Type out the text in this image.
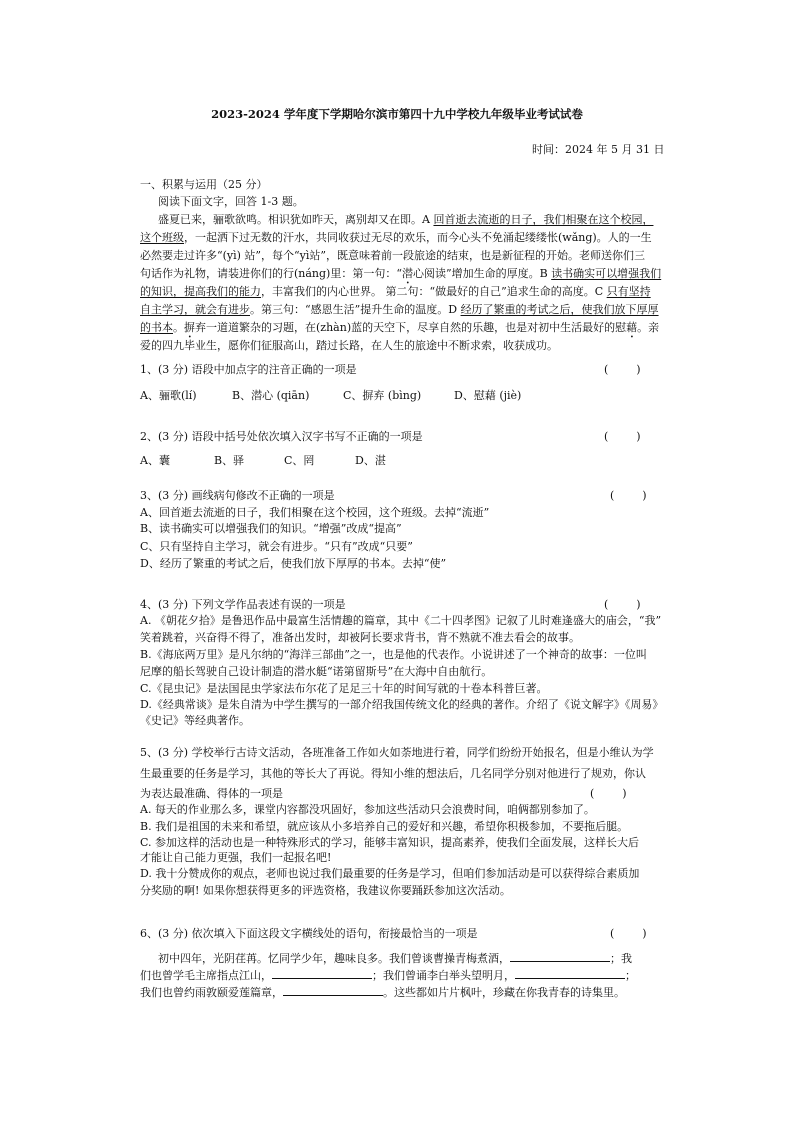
2023-2024 学年度下学期哈尔滨市第四十九中学校九年级毕业考试试卷
时间：2024 年 5 月 31 日
一、积累与运用（25 分）
阅读下面文字，回答 1-3 题。
盛夏已来，骊歌欲鸣。相识犹如昨天，离别却又在即。A 回首逝去流逝的日子，我们相聚在这个校园，
这个班级，一起洒下过无数的汗水，共同收获过无尽的欢乐，而今心头不免涌起缕缕怅(wǎng)。人的一生
必然要走过许多“(yì) 站”，每个“yì站”，既意味着前一段旅途的结束，也是新征程的开始。老师送你们三
句话作为礼物，请装进你们的行(náng)里：第一句：“潜心阅读”增加生命的厚度。B 读书确实可以增强我们
的知识，提高我们的能力，丰富我们的内心世界。 第二句：“做最好的自己”追求生命的高度。C 只有坚持
自主学习，就会有进步。第三句：“感恩生活”提升生命的温度。D 经历了繁重的考试之后，使我们放下厚厚
的书本。摒弃一道道繁杂的习题，在(zhàn)蓝的天空下，尽享自然的乐趣，也是对初中生活最好的慰藉。亲
爱的四九毕业生，愿你们征服高山，踏过长路，在人生的旅途中不断求索，收获成功。
1、(3 分) 语段中加点字的注音正确的一项是	(        )
A、骊歌(lí)	B、潜心 (qiān)	C、摒弃 (bìng)	D、慰藉 (jiè)
2、(3 分) 语段中括号处依次填入汉字书写不正确的一项是	(        )
A、囊	B、驿	C、罔	D、湛
3、(3 分) 画线病句修改不正确的一项是	(        )
A、回首逝去流逝的日子，我们相聚在这个校园，这个班级。去掉“流逝”
B、读书确实可以增强我们的知识。“增强”改成“提高”
C、只有坚持自主学习，就会有进步。“只有”改成“只要”
D、经历了繁重的考试之后，使我们放下厚厚的书本。去掉“使”
4、(3 分) 下列文学作品表述有误的一项是	(        )
A. 《朝花夕拾》是鲁迅作品中最富生活情趣的篇章，其中《二十四孝图》记叙了儿时难逢盛大的庙会，“我”
笑着跳着，兴奋得不得了，准备出发时，却被阿长要求背书，背不熟就不准去看会的故事。
B.《海底两万里》是凡尔纳的“海洋三部曲”之一，也是他的代表作。小说讲述了一个神奇的故事：一位叫
尼摩的船长驾驶自己设计制造的潜水艇“诺第留斯号”在大海中自由航行。
C.《昆虫记》是法国昆虫学家法布尔花了足足三十年的时间写就的十卷本科普巨著。
D.《经典常谈》是朱自清为中学生撰写的一部介绍我国传统文化的经典的著作。介绍了《说文解字》《周易》
《史记》等经典著作。
5、(3 分) 学校举行古诗文活动，各班准备工作如火如荼地进行着，同学们纷纷开始报名，但是小维认为学
生最重要的任务是学习，其他的等长大了再说。得知小维的想法后，几名同学分别对他进行了规劝，你认
为表达最准确、得体的一项是	(        )
A. 每天的作业那么多，课堂内容都没巩固好，参加这些活动只会浪费时间，咱俩都别参加了。
B. 我们是祖国的未来和希望，就应该从小多培养自己的爱好和兴趣，希望你积极参加，不要拖后腿。
C. 参加这样的活动也是一种特殊形式的学习，能够丰富知识，提高素养，使我们全面发展，这样长大后
才能让自己能力更强，我们一起报名吧!
D. 我十分赞成你的观点，老师也说过我们最重要的任务是学习，但咱们参加活动是可以获得综合素质加
分奖励的啊! 如果你想获得更多的评选资格，我建议你要踊跃参加这次活动。
6、(3 分) 依次填入下面这段文字横线处的语句，衔接最恰当的一项是	(        )
初中四年，光阴荏苒。忆同学少年，趣味良多。我们曾谈曹操青梅煮酒，	；我
们也曾学毛主席指点江山，	；我们曾诵李白举头望明月，	；
我们也曾约雨敦颐爱莲篇章，	。这些都如片片枫叶，珍藏在你我青春的诗集里。
